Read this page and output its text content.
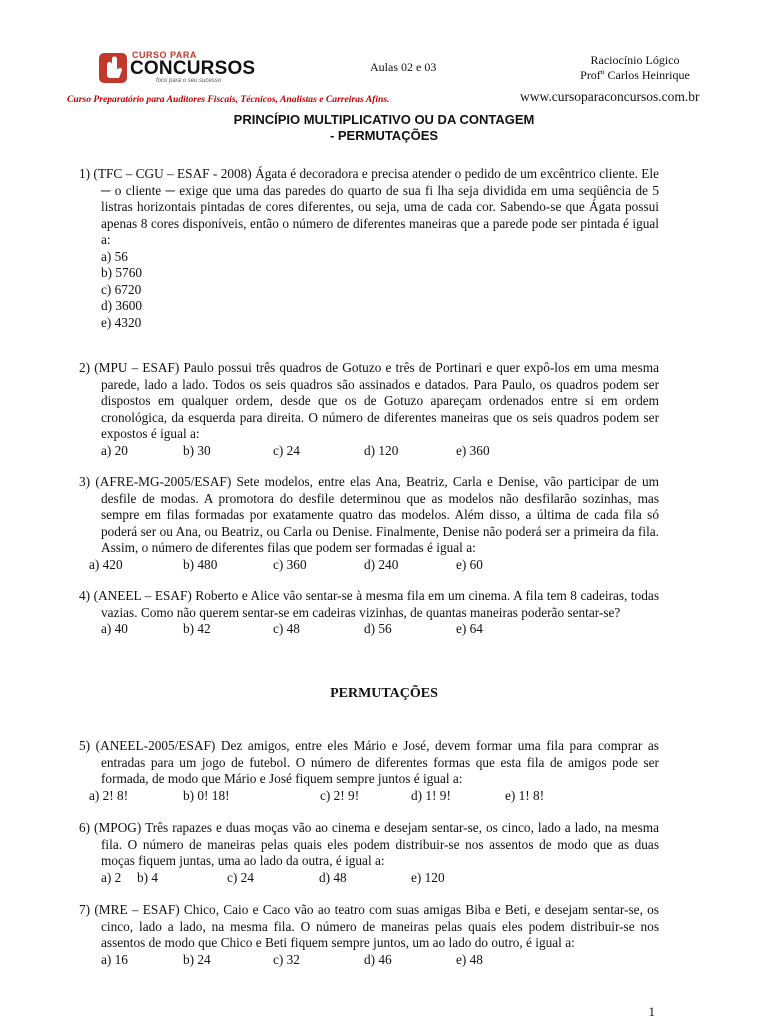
CURSO PARA
CONCURSOS
foco para o seu sucesso
Aulas 02 e 03	Raciocínio Lógico
Profº Carlos Heinrique
Curso Preparatório para Auditores Fiscais, Técnicos, Analistas e Carreiras Afins.	www.cursoparaconcursos.com.br
PRINCÍPIO MULTIPLICATIVO OU DA CONTAGEM
- PERMUTAÇÕES
1) (TFC – CGU – ESAF - 2008) Ágata é decoradora e precisa atender o pedido de um excêntrico cliente. Ele ─ o cliente ─ exige que uma das paredes do quarto de sua fi lha seja dividida em uma seqüência de 5 listras horizontais pintadas de cores diferentes, ou seja, uma de cada cor. Sabendo-se que Ágata possui apenas 8 cores disponíveis, então o número de diferentes maneiras que a parede pode ser pintada é igual a:
a) 56
b) 5760
c) 6720
d) 3600
e) 4320
2) (MPU – ESAF) Paulo possui três quadros de Gotuzo e três de Portinari e quer expô-los em uma mesma parede, lado a lado. Todos os seis quadros são assinados e datados. Para Paulo, os quadros podem ser dispostos em qualquer ordem, desde que os de Gotuzo apareçam ordenados entre si em ordem cronológica, da esquerda para direita. O número de diferentes maneiras que os seis quadros podem ser expostos é igual a:
a) 20	b) 30	c) 24	d) 120	e) 360
3) (AFRE-MG-2005/ESAF) Sete modelos, entre elas Ana, Beatriz, Carla e Denise, vão participar de um desfile de modas. A promotora do desfile determinou que as modelos não desfilarão sozinhas, mas sempre em filas formadas por exatamente quatro das modelos. Além disso, a última de cada fila só poderá ser ou Ana, ou Beatriz, ou Carla ou Denise. Finalmente, Denise não poderá ser a primeira da fila. Assim, o número de diferentes filas que podem ser formadas é igual a:
a) 420	b) 480	c) 360	d) 240	e) 60
4) (ANEEL – ESAF) Roberto e Alice vão sentar-se à mesma fila em um cinema. A fila tem 8 cadeiras, todas vazias. Como não querem sentar-se em cadeiras vizinhas, de quantas maneiras poderão sentar-se?
a) 40	b) 42	c) 48	d) 56	e) 64
PERMUTAÇÕES
5) (ANEEL-2005/ESAF) Dez amigos, entre eles Mário e José, devem formar uma fila para comprar as entradas para um jogo de futebol. O número de diferentes formas que esta fila de amigos pode ser formada, de modo que Mário e José fiquem sempre juntos é igual a:
a) 2! 8!	b) 0! 18!	c) 2! 9!	d) 1! 9!	e) 1! 8!
6) (MPOG) Três rapazes e duas moças vão ao cinema e desejam sentar-se, os cinco, lado a lado, na mesma fila. O número de maneiras pelas quais eles podem distribuir-se nos assentos de modo que as duas moças fiquem juntas, uma ao lado da outra, é igual a:
a) 2 b) 4	c) 24	d) 48	e) 120
7) (MRE – ESAF) Chico, Caio e Caco vão ao teatro com suas amigas Biba e Beti, e desejam sentar-se, os cinco, lado a lado, na mesma fila. O número de maneiras pelas quais eles podem distribuir-se nos assentos de modo que Chico e Beti fiquem sempre juntos, um ao lado do outro, é igual a:
a) 16	b) 24	c) 32	d) 46	e) 48
1
